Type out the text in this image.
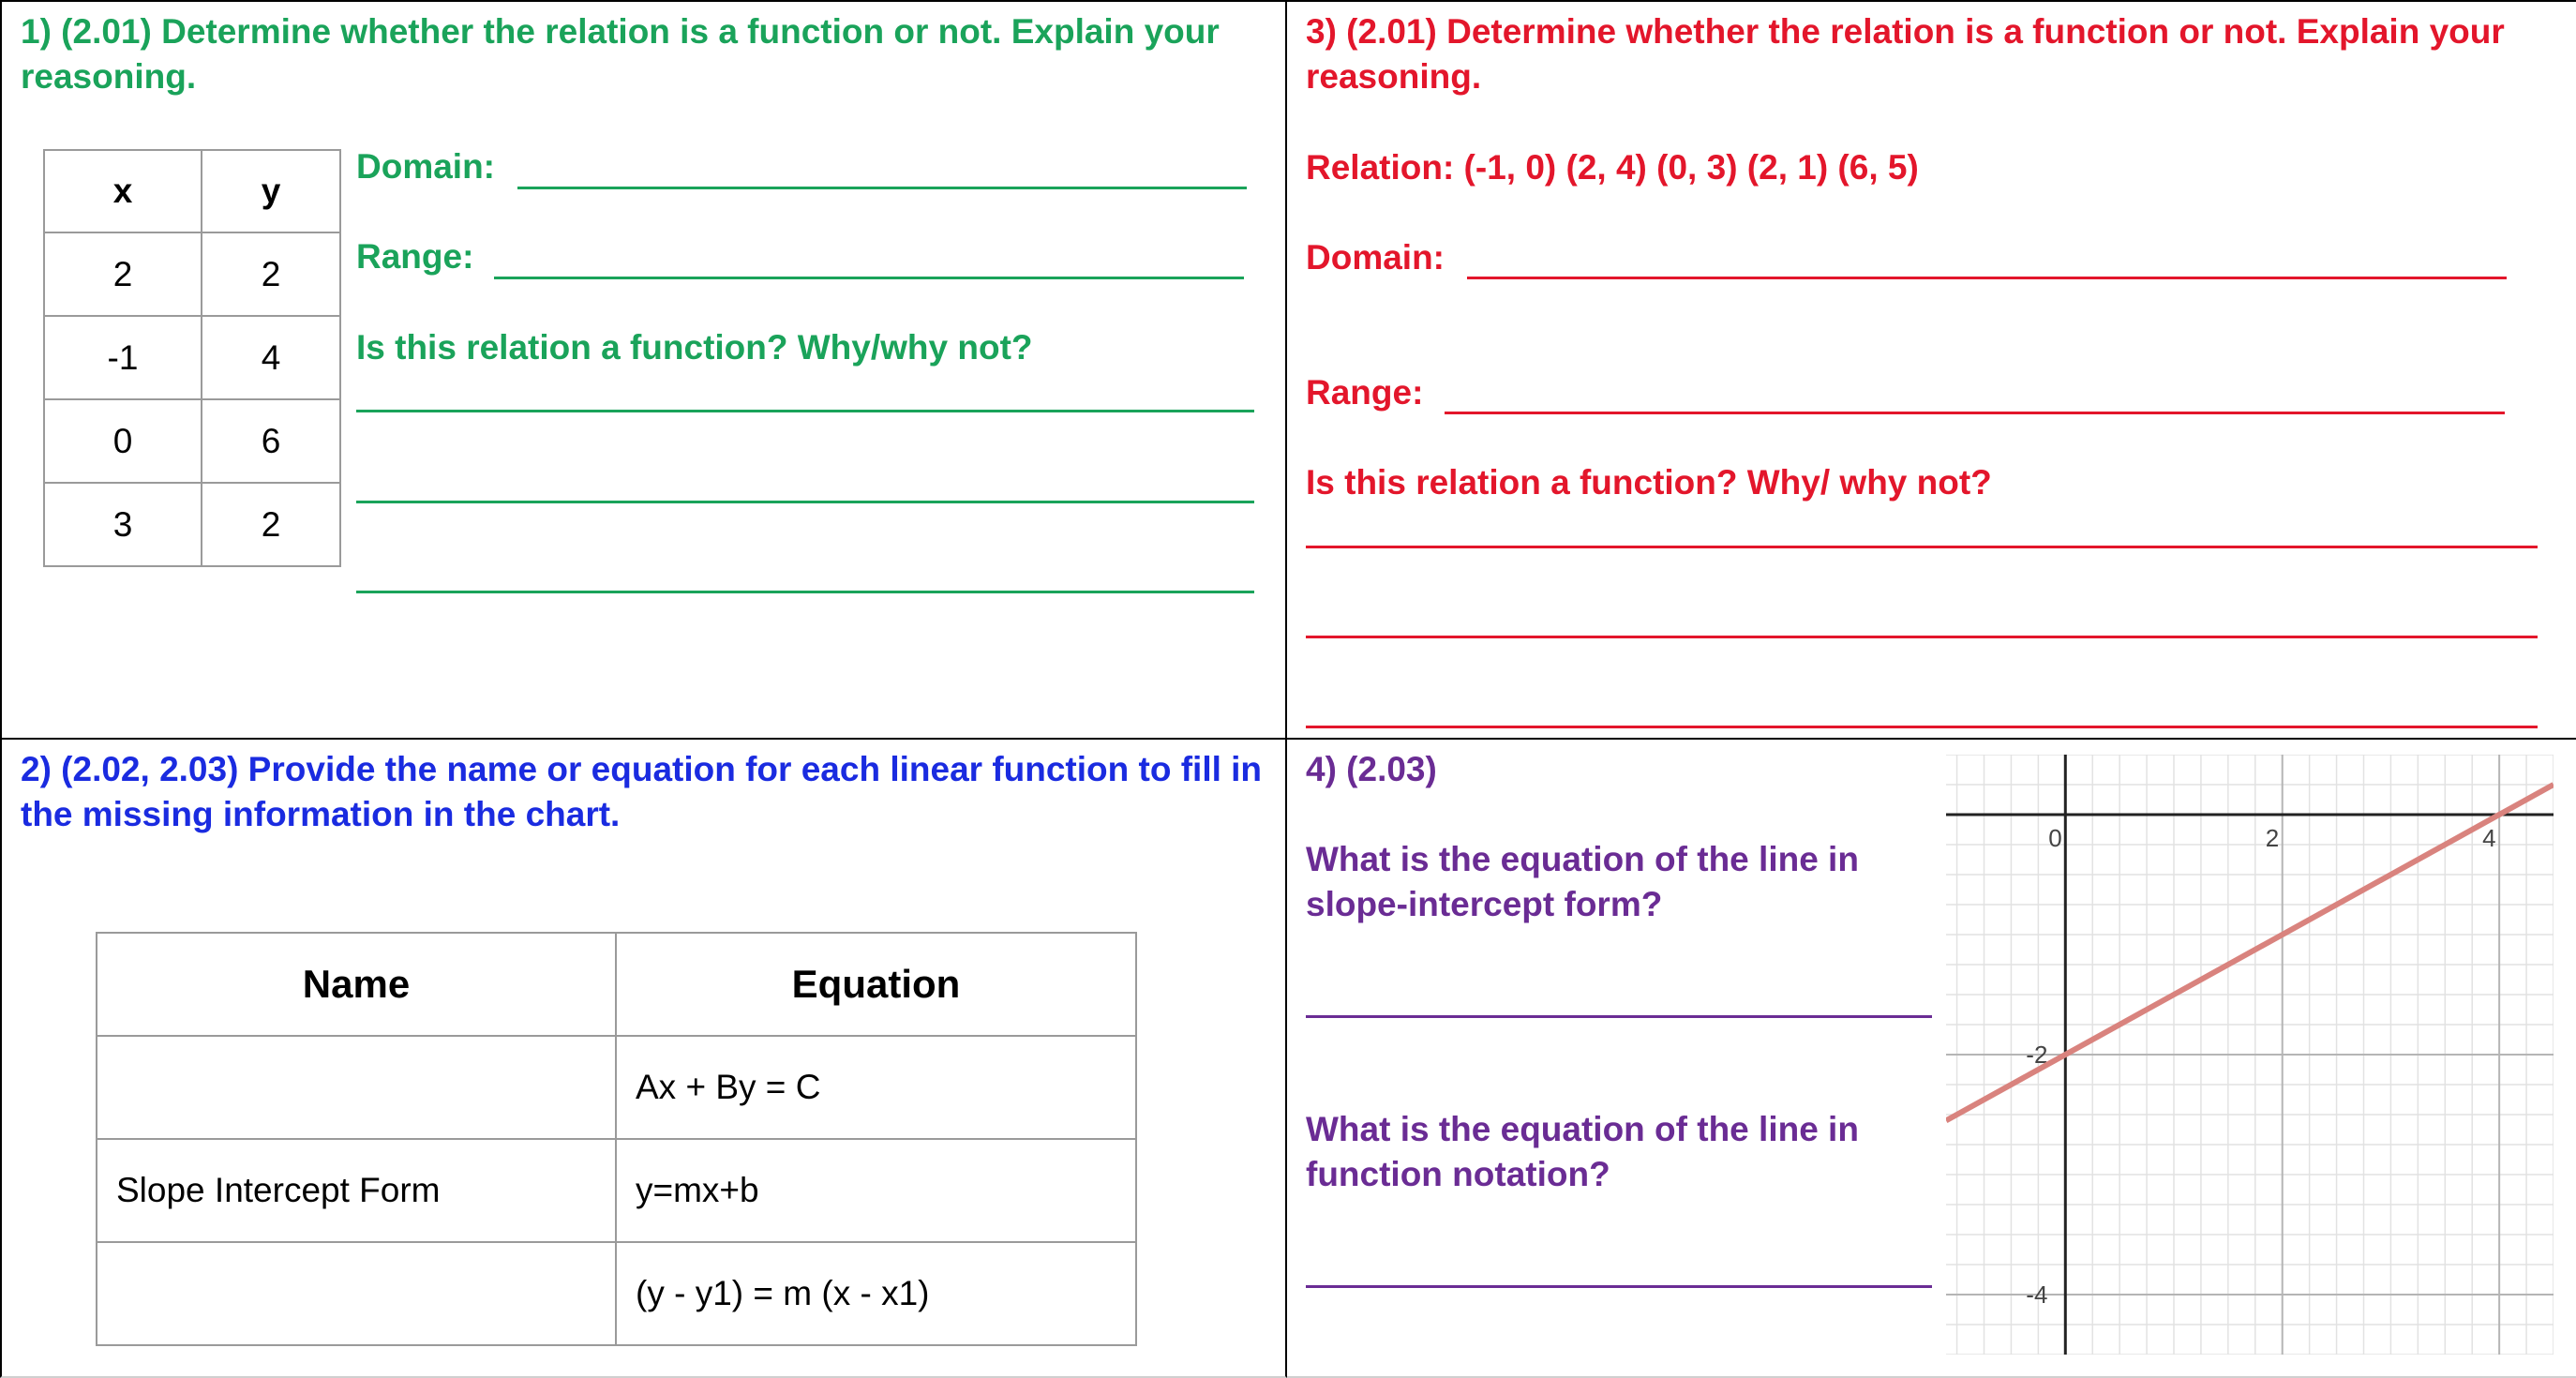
1) (2.01) Determine whether the relation is a function or not. Explain your reasoning.

x	y
2	2
-1	4
0	6
3	2

Domain:

Range:

Is this relation a function? Why/why not?

3) (2.01) Determine whether the relation is a function or not. Explain your reasoning.

Relation: (-1, 0) (2, 4) (0, 3) (2, 1) (6, 5)

Domain:

Range:

Is this relation a function? Why/ why not?

2) (2.02, 2.03) Provide the name or equation for each linear function to fill in the missing information in the chart.

Name	Equation
	Ax + By = C
Slope Intercept Form	y=mx+b
	(y - y1) = m (x - x1)

4) (2.03)

What is the equation of the line in slope-intercept form?

What is the equation of the line in function notation?

0	2	4
-2
-4
